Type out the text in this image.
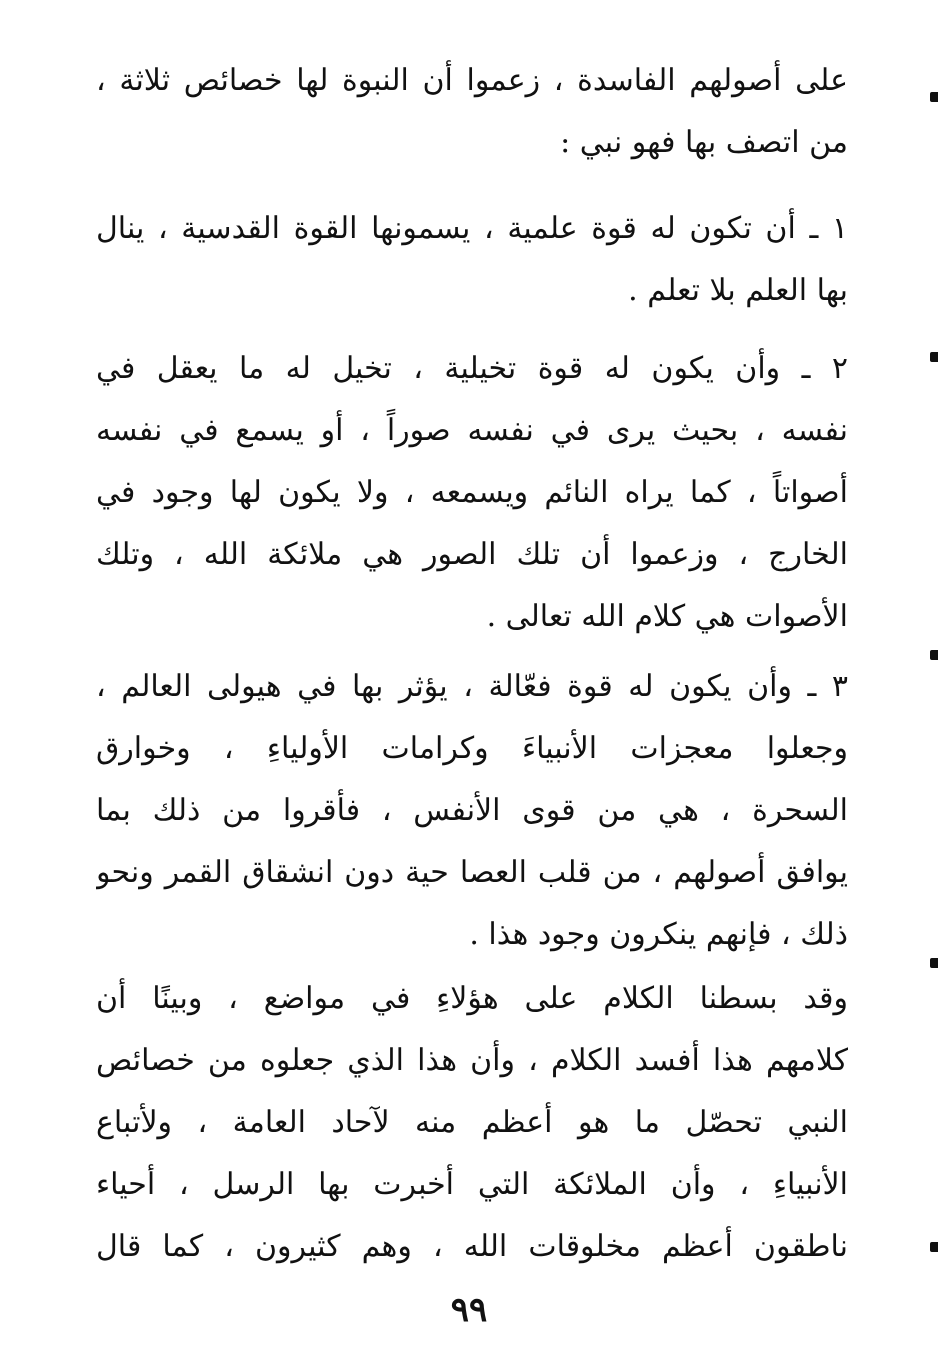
على أصولهم الفاسدة ، زعموا أن النبوة لها خصائص ثلاثة ،
من اتصف بها فهو نبي :
١ ـ أن تكون له قوة علمية ، يسمونها القوة القدسية ، ينال
بها العلم بلا تعلم .
٢ ـ وأن يكون له قوة تخيلية ، تخيل له ما يعقل في
نفسه ، بحيث يرى في نفسه صوراً ، أو يسمع في نفسه
أصواتاً ، كما يراه النائم ويسمعه ، ولا يكون لها وجود في
الخارج ، وزعموا أن تلك الصور هي ملائكة الله ، وتلك
الأصوات هي كلام الله تعالى .
٣ ـ وأن يكون له قوة فعّالة ، يؤثر بها في هيولى العالم ،
وجعلوا معجزات الأنبياءَ وكرامات الأولياءِ ، وخوارق
السحرة ، هي من قوى الأنفس ، فأقروا من ذلك بما
يوافق أصولهم ، من قلب العصا حية دون انشقاق القمر ونحو
ذلك ، فإنهم ينكرون وجود هذا .
وقد بسطنا الكلام على هؤلاءِ في مواضع ، وبينًا أن
كلامهم هذا أفسد الكلام ، وأن هذا الذي جعلوه من خصائص
النبي تحصّل ما هو أعظم منه لآحاد العامة ، ولأتباع
الأنبياءِ ، وأن الملائكة التي أخبرت بها الرسل ، أحياء
ناطقون أعظم مخلوقات الله ، وهم كثيرون ، كما قال
٩٩
